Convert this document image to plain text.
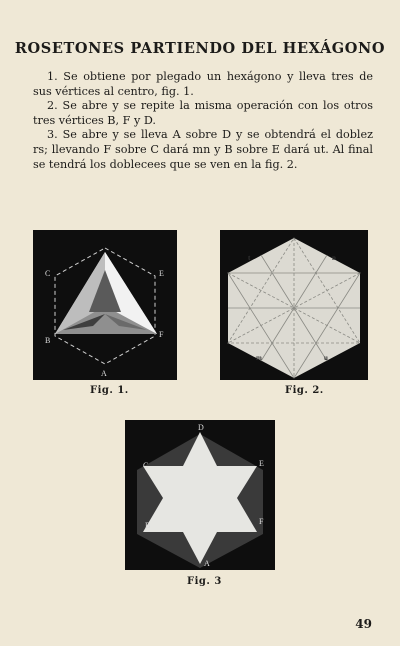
ROSETONES PARTIENDO DEL HEXÁGONO

1. Se obtiene por plegado un hexágono y lleva tres de sus vértices al centro, fig. 1.

2. Se abre y se repite la misma operación con los otros tres vértices B, F y D.

3. Se abre y se lleva A sobre D y se obtendrá el doblez rs; llevando F sobre C dará mn y B sobre E dará ut. Al final se tendrá los doblecees que se ven en la fig. 2.

C	E
B
F
A
Fig. 1.
t	n
m	u
Fig. 2.
D
C	E
B	F
A
Fig. 3
49
